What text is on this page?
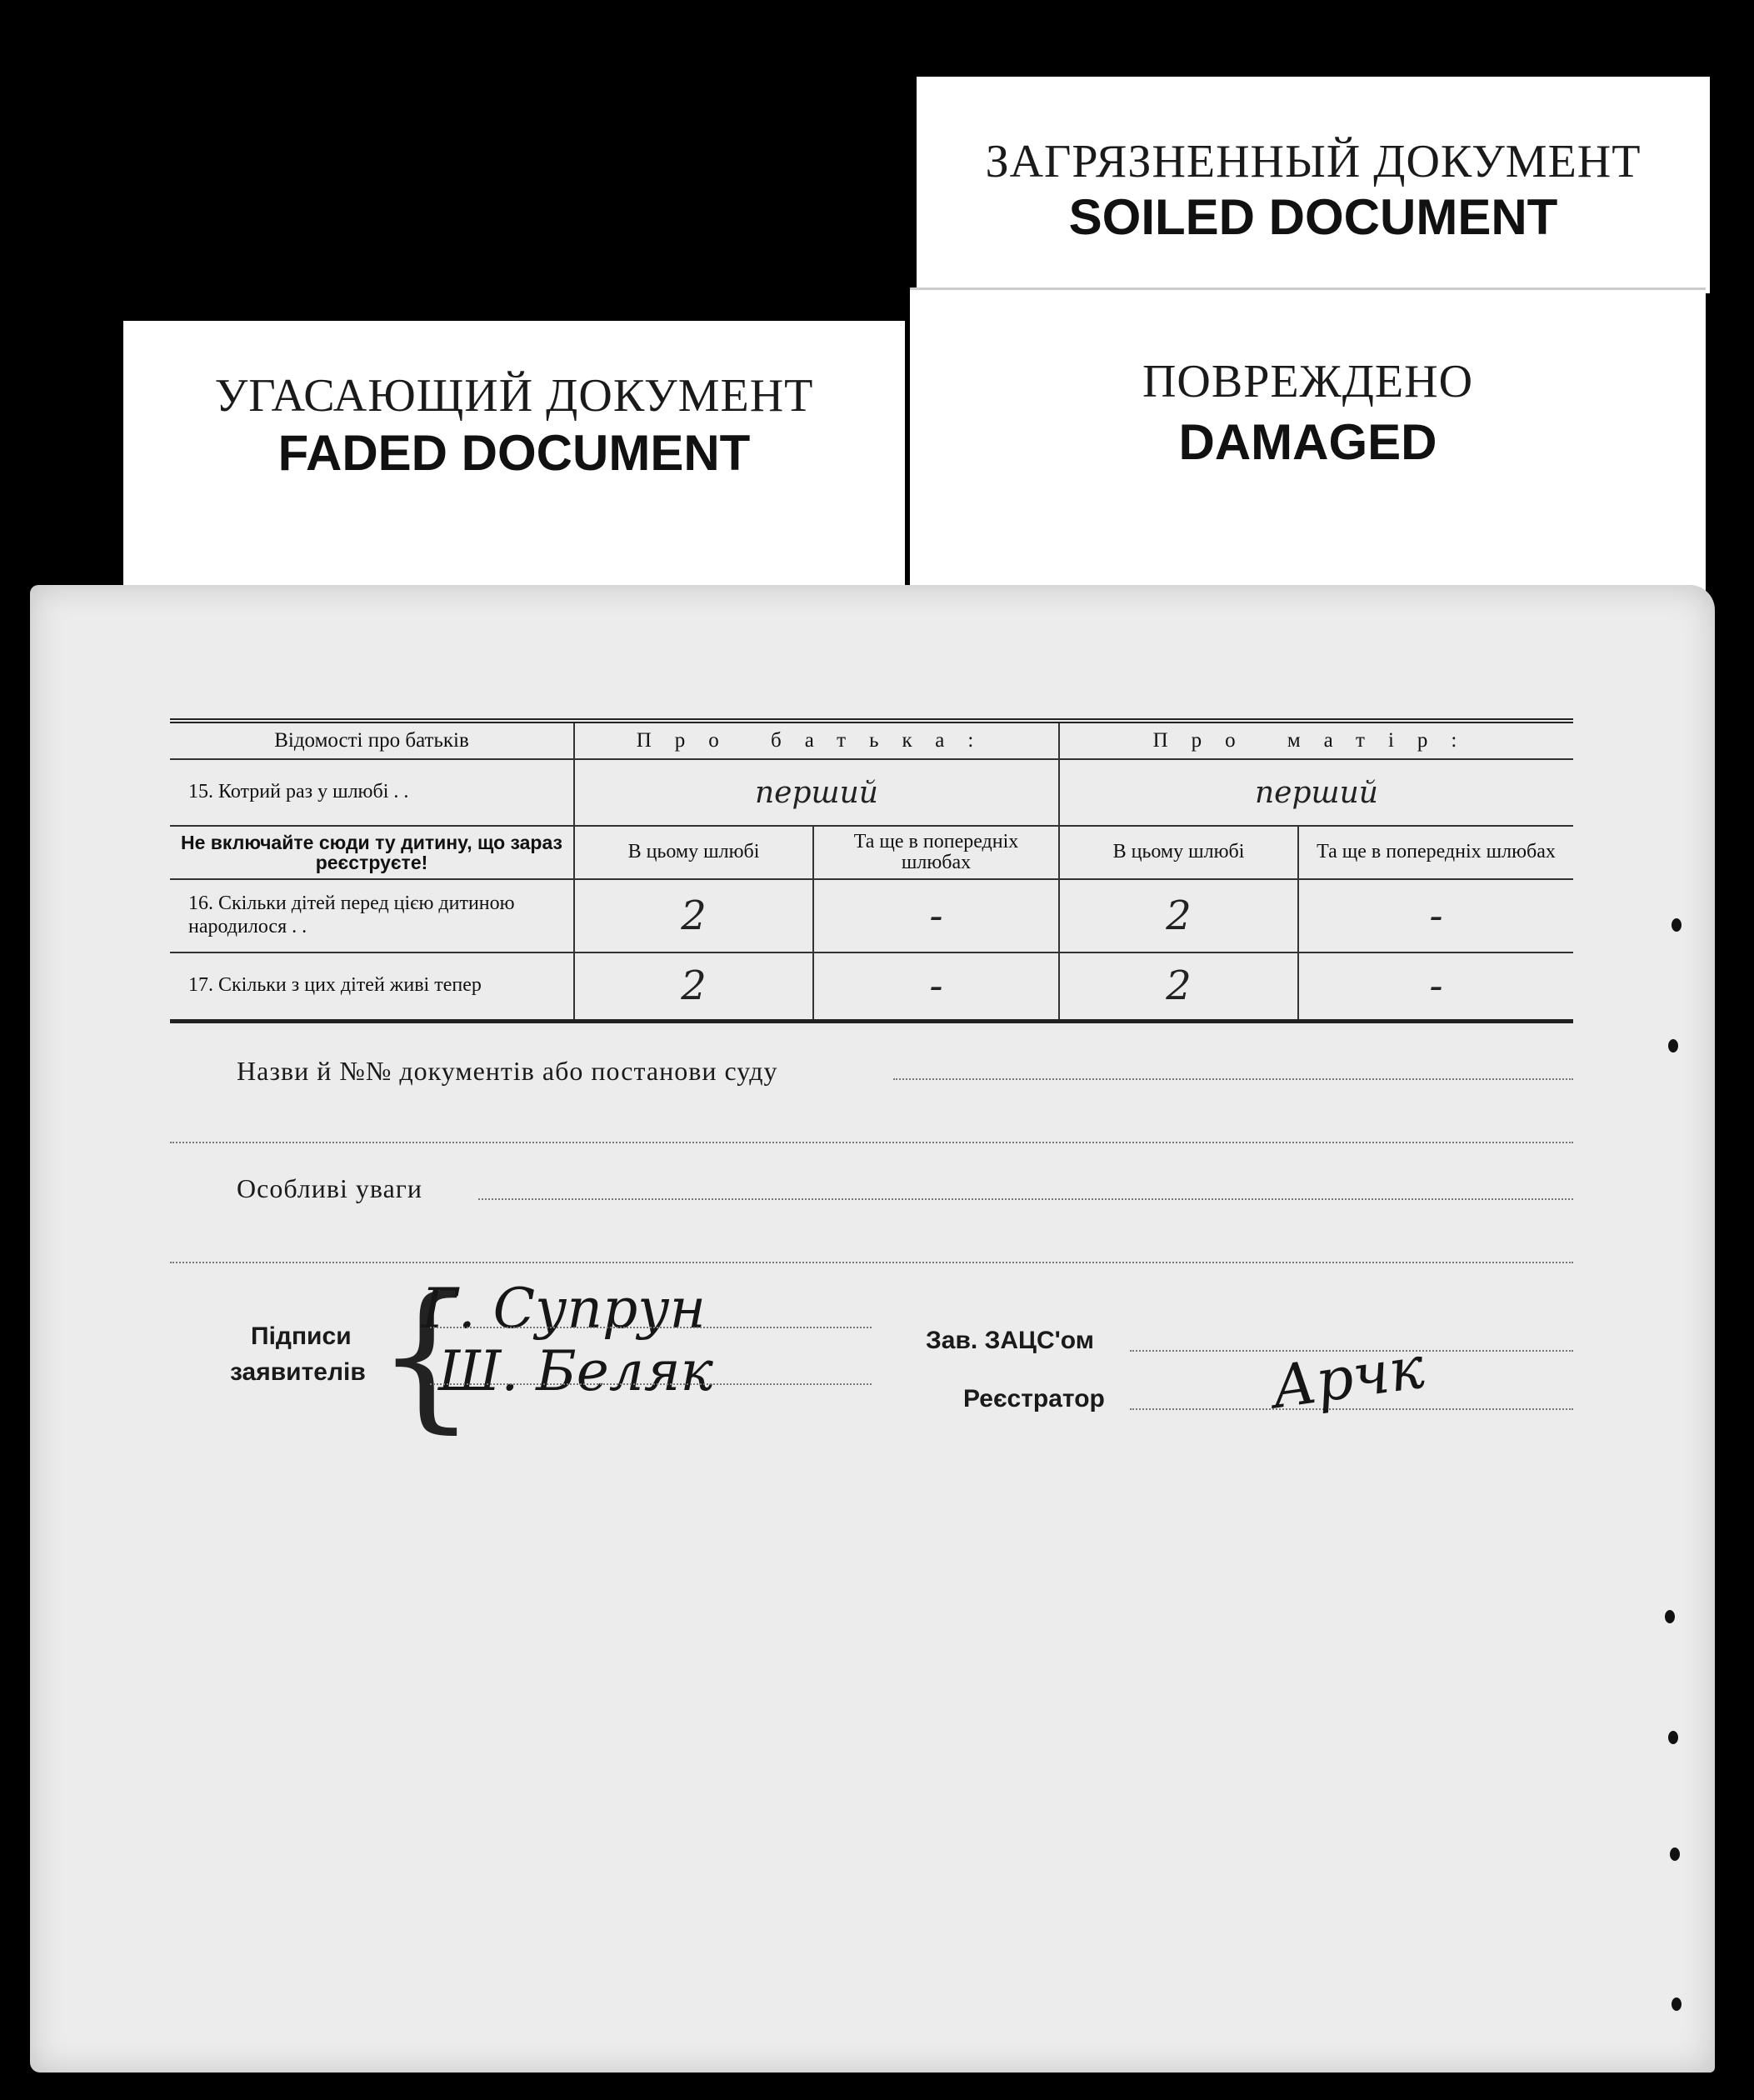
УГАСАЮЩИЙ ДОКУМЕНТ
FADED DOCUMENT
ЗАГРЯЗНЕННЫЙ ДОКУМЕНТ
SOILED DOCUMENT
ПОВРЕЖДЕНО
DAMAGED
Відомості про батьків	Про батька:		Про матір:	
15. Котрий раз у шлюбі . .	перший		перший	
Не включайте сюди ту дитину, що зараз реєструєте!	В цьому шлюбі	Та ще в попередніх шлюбах	В цьому шлюбі	Та ще в попередніх шлюбах
16. Скільки дітей перед цією дитиною народилося . .	2	-	2	-
17. Скільки з цих дітей живі тепер	2	-	2	-
Назви й №№ документів або постанови суду
Особливі уваги
Підписи
заявителів {
Г. Супрун
Ш. Беляк	Зав. ЗАЦС'ом
Реєстратор	Арчк
